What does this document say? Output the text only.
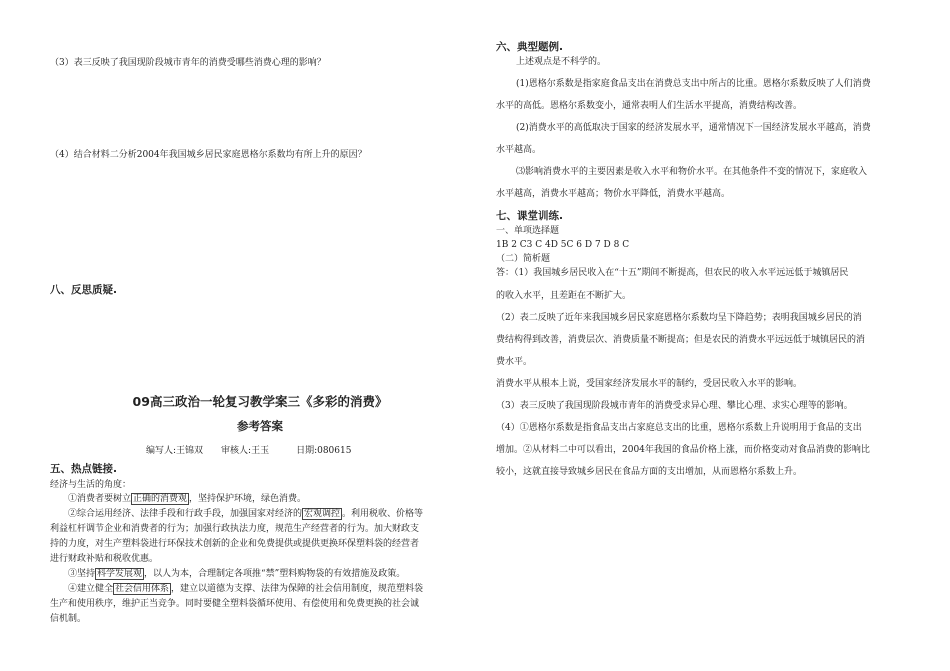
（3）表三反映了我国现阶段城市青年的消费受哪些消费心理的影响？
（4）结合材料二分析2004年我国城乡居民家庭恩格尔系数均有所上升的原因？
八、反思质疑.
09高三政治一轮复习教学案三《多彩的消费》
参考答案
编写人:王锦双　　审核人:王玉　　　日期:080615
五、热点链接.
经济与生活的角度：
①消费者要树立 正确的消费观 ，坚持保护环境，绿色消费。
②综合运用经济、法律手段和行政手段，加强国家对经济的 宏观调控 。利用税收、价格等
利益杠杆调节企业和消费者的行为；加强行政执法力度，规范生产经营者的行为。加大财政支
持的力度，对生产塑料袋进行环保技术创新的企业和免费提供或提供更换环保塑料袋的经营者
进行财政补贴和税收优惠。
③坚持 科学发展观 ，以人为本，合理制定各项推“禁”塑料购物袋的有效措施及政策。
④建立健全 社会信用体系 ，建立以道德为支撑、法律为保障的社会信用制度，规范塑料袋
生产和使用秩序，维护正当竞争。同时要健全塑料袋循环使用、有偿使用和免费更换的社会诚
信机制。
六、典型题例.
上述观点是不科学的。
(1)恩格尔系数是指家庭食品支出在消费总支出中所占的比重。恩格尔系数反映了人们消费
水平的高低。恩格尔系数变小，通常表明人们生活水平提高，消费结构改善。
(2)消费水平的高低取决于国家的经济发展水平，通常情况下一国经济发展水平越高，消费
水平越高。
⑶影响消费水平的主要因素是收入水平和物价水平。在其他条件不变的情况下，家庭收入
水平越高，消费水平越高；物价水平降低，消费水平越高。
七、课堂训练.
一、单项选择题
1B 2 C3 C 4D 5C 6 D 7 D 8 C
（二）简析题
答：（1）我国城乡居民收入在“十五”期间不断提高，但农民的收入水平远远低于城镇居民
的收入水平，且差距在不断扩大。
（2）表二反映了近年来我国城乡居民家庭恩格尔系数均呈下降趋势；表明我国城乡居民的消
费结构得到改善，消费层次、消费质量不断提高；但是农民的消费水平远远低于城镇居民的消
费水平。
消费水平从根本上说，受国家经济发展水平的制约，受居民收入水平的影响。
（3）表三反映了我国现阶段城市青年的消费受求异心理、攀比心理、求实心理等的影响。
（4）①恩格尔系数是指食品支出占家庭总支出的比重，恩格尔系数上升说明用于食品的支出
增加。②从材料二中可以看出，2004年我国的食品价格上涨，而价格变动对食品消费的影响比
较小，这就直接导致城乡居民在食品方面的支出增加，从而恩格尔系数上升。
